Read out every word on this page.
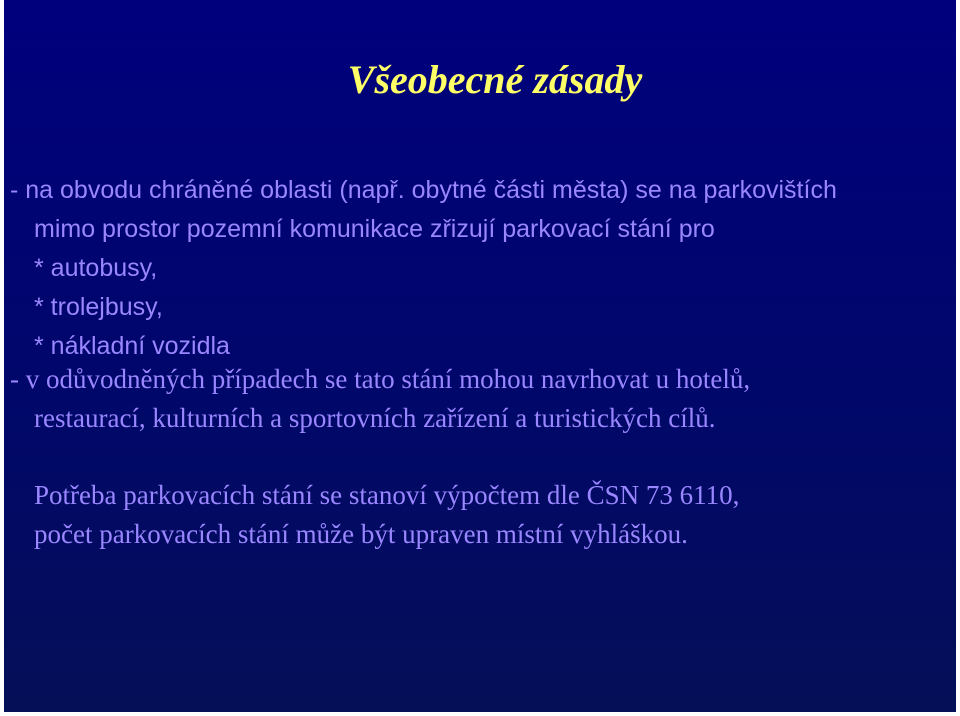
Všeobecné zásady
- na obvodu chráněné oblasti (např. obytné části města) se na parkovištích
mimo prostor pozemní komunikace zřizují parkovací stání pro
* autobusy,
* trolejbusy,
* nákladní vozidla
- v odůvodněných případech se tato stání mohou navrhovat u hotelů,
restaurací, kulturních a sportovních zařízení a turistických cílů.
Potřeba parkovacích stání se stanoví výpočtem dle ČSN 73 6110,
počet parkovacích stání může být upraven místní vyhláškou.
